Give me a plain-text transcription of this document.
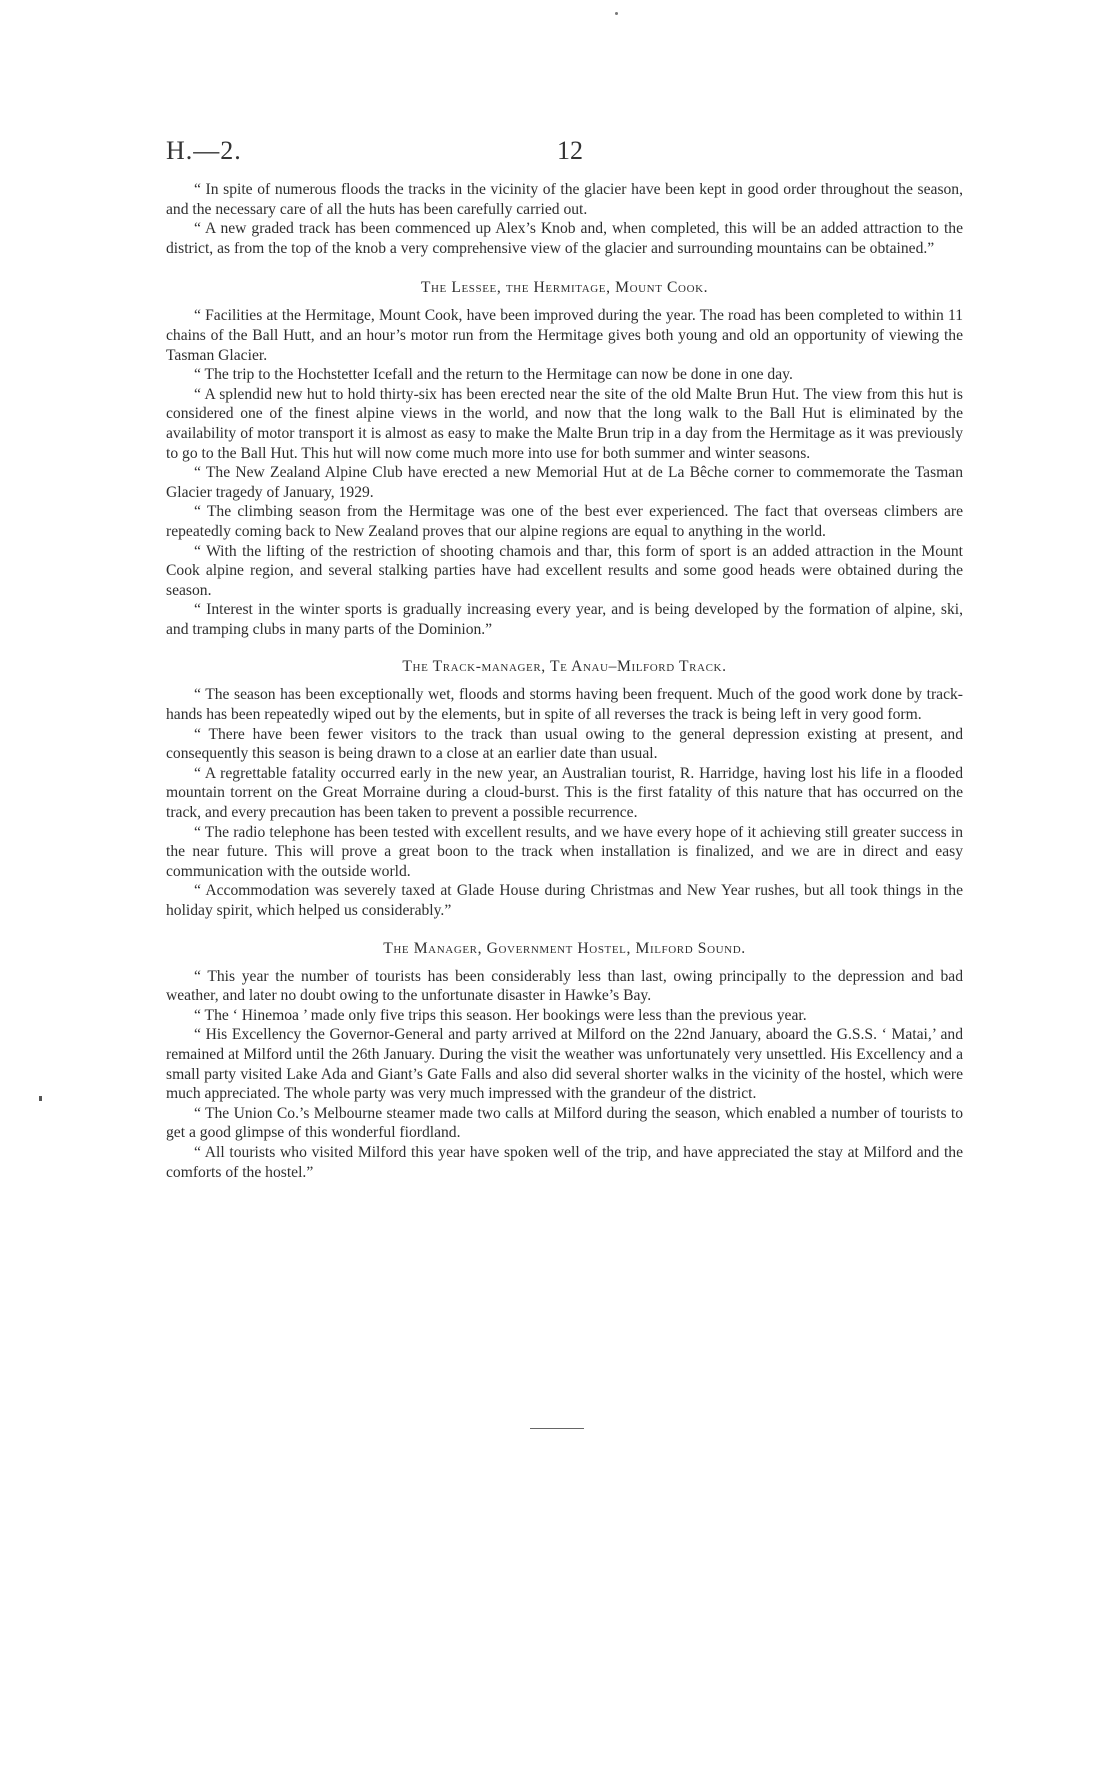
H.—2.	12

“ In spite of numerous floods the tracks in the vicinity of the glacier have been kept in good order throughout the season, and the necessary care of all the huts has been carefully carried out.

“ A new graded track has been commenced up Alex’s Knob and, when completed, this will be an added attraction to the district, as from the top of the knob a very comprehensive view of the glacier and surrounding mountains can be obtained.”

The Lessee, the Hermitage, Mount Cook.

“ Facilities at the Hermitage, Mount Cook, have been improved during the year. The road has been completed to within 11 chains of the Ball Hutt, and an hour’s motor run from the Hermitage gives both young and old an opportunity of viewing the Tasman Glacier.

“ The trip to the Hochstetter Icefall and the return to the Hermitage can now be done in one day.

“ A splendid new hut to hold thirty-six has been erected near the site of the old Malte Brun Hut. The view from this hut is considered one of the finest alpine views in the world, and now that the long walk to the Ball Hut is eliminated by the availability of motor transport it is almost as easy to make the Malte Brun trip in a day from the Hermitage as it was previously to go to the Ball Hut. This hut will now come much more into use for both summer and winter seasons.

“ The New Zealand Alpine Club have erected a new Memorial Hut at de La Bêche corner to commemorate the Tasman Glacier tragedy of January, 1929.

“ The climbing season from the Hermitage was one of the best ever experienced. The fact that overseas climbers are repeatedly coming back to New Zealand proves that our alpine regions are equal to anything in the world.

“ With the lifting of the restriction of shooting chamois and thar, this form of sport is an added attraction in the Mount Cook alpine region, and several stalking parties have had excellent results and some good heads were obtained during the season.

“ Interest in the winter sports is gradually increasing every year, and is being developed by the formation of alpine, ski, and tramping clubs in many parts of the Dominion.”

The Track-manager, Te Anau–Milford Track.

“ The season has been exceptionally wet, floods and storms having been frequent. Much of the good work done by track-hands has been repeatedly wiped out by the elements, but in spite of all reverses the track is being left in very good form.

“ There have been fewer visitors to the track than usual owing to the general depression existing at present, and consequently this season is being drawn to a close at an earlier date than usual.

“ A regrettable fatality occurred early in the new year, an Australian tourist, R. Harridge, having lost his life in a flooded mountain torrent on the Great Morraine during a cloud-burst. This is the first fatality of this nature that has occurred on the track, and every precaution has been taken to prevent a possible recurrence.

“ The radio telephone has been tested with excellent results, and we have every hope of it achieving still greater success in the near future. This will prove a great boon to the track when installation is finalized, and we are in direct and easy communication with the outside world.

“ Accommodation was severely taxed at Glade House during Christmas and New Year rushes, but all took things in the holiday spirit, which helped us considerably.”

The Manager, Government Hostel, Milford Sound.

“ This year the number of tourists has been considerably less than last, owing principally to the depression and bad weather, and later no doubt owing to the unfortunate disaster in Hawke’s Bay.

“ The ‘ Hinemoa ’ made only five trips this season. Her bookings were less than the previous year.

“ His Excellency the Governor-General and party arrived at Milford on the 22nd January, aboard the G.S.S. ‘ Matai,’ and remained at Milford until the 26th January. During the visit the weather was unfortunately very unsettled. His Excellency and a small party visited Lake Ada and Giant’s Gate Falls and also did several shorter walks in the vicinity of the hostel, which were much appreciated. The whole party was very much impressed with the grandeur of the district.

“ The Union Co.’s Melbourne steamer made two calls at Milford during the season, which enabled a number of tourists to get a good glimpse of this wonderful fiordland.

“ All tourists who visited Milford this year have spoken well of the trip, and have appreciated the stay at Milford and the comforts of the hostel.”
